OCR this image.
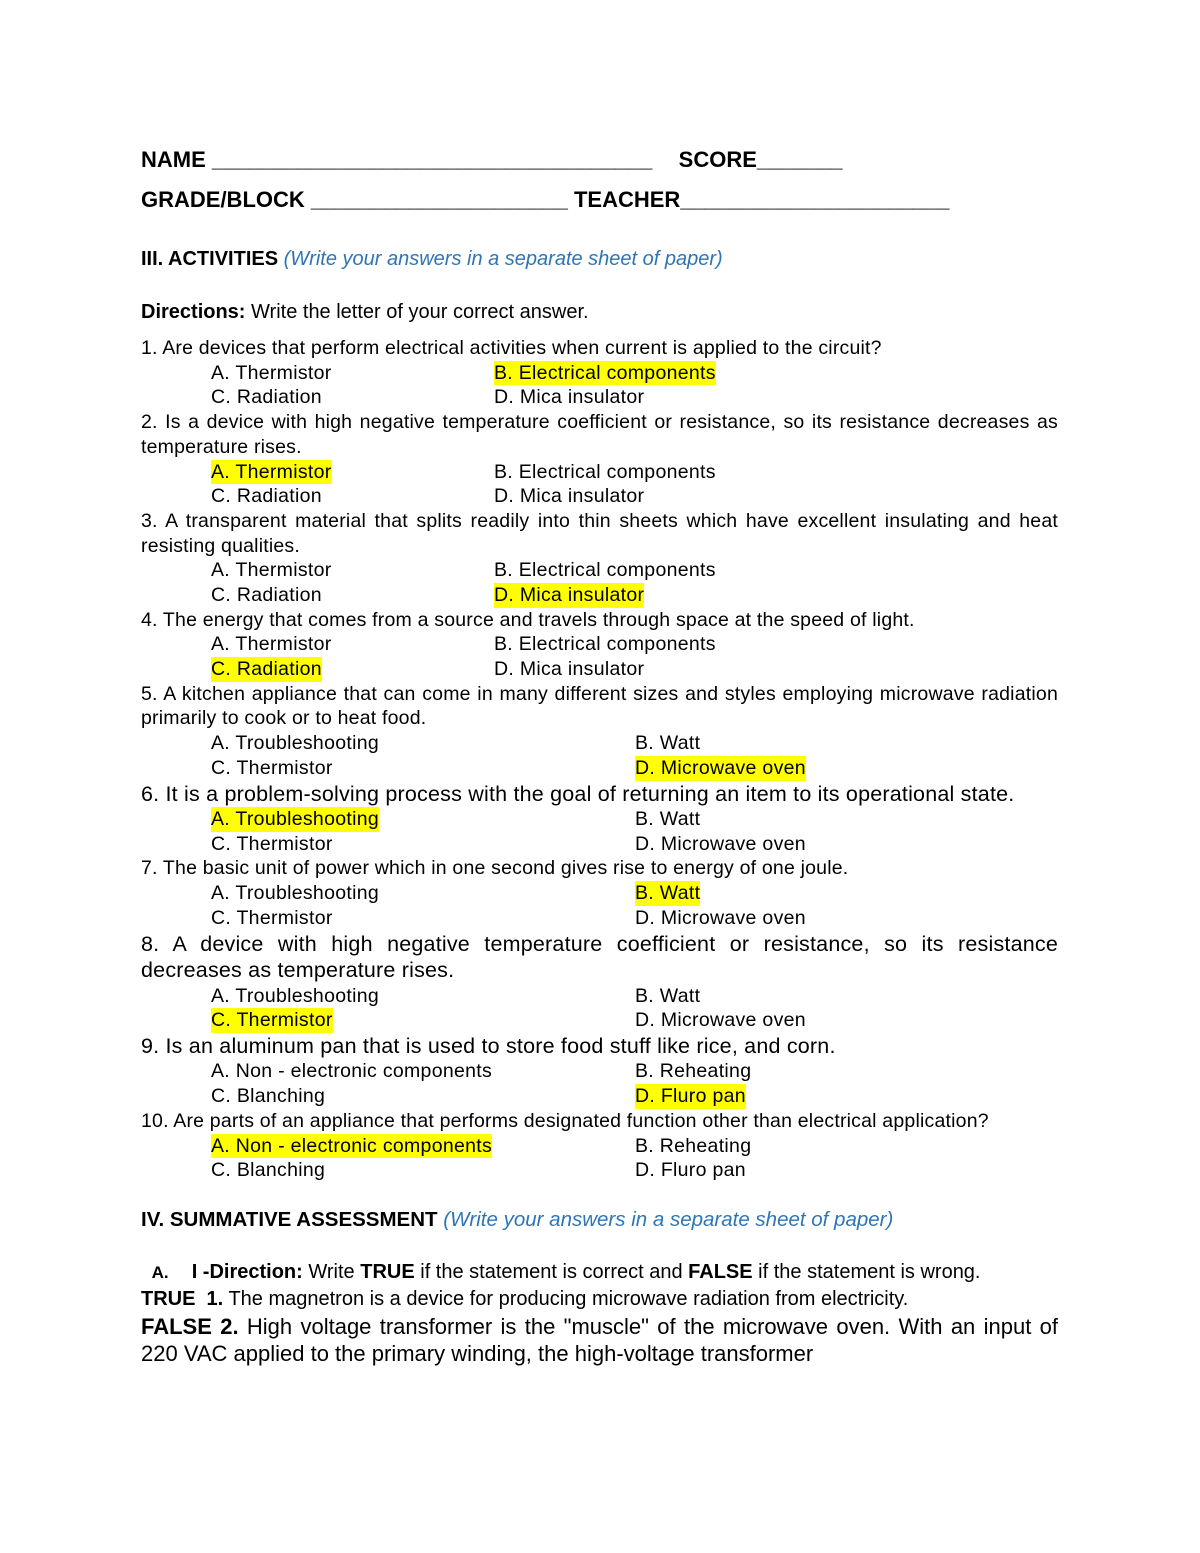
NAME ____________________________________ SCORE_______
GRADE/BLOCK _____________________ TEACHER______________________
III. ACTIVITIES (Write your answers in a separate sheet of paper)
Directions: Write the letter of your correct answer.
1. Are devices that perform electrical activities when current is applied to the circuit?
A. Thermistor	B. Electrical components
C. Radiation	D. Mica insulator
2. Is a device with high negative temperature coefficient or resistance, so its resistance decreases as temperature rises.
A. Thermistor	B. Electrical components
C. Radiation	D. Mica insulator
3. A transparent material that splits readily into thin sheets which have excellent insulating and heat resisting qualities.
A. Thermistor	B. Electrical components
C. Radiation	D. Mica insulator
4. The energy that comes from a source and travels through space at the speed of light.
A. Thermistor	B. Electrical components
C. Radiation	D. Mica insulator
5. A kitchen appliance that can come in many different sizes and styles employing microwave radiation primarily to cook or to heat food.
A. Troubleshooting	B. Watt
C. Thermistor	D. Microwave oven
6. It is a problem-solving process with the goal of returning an item to its operational state.
A. Troubleshooting	B. Watt
C. Thermistor	D. Microwave oven
7. The basic unit of power which in one second gives rise to energy of one joule.
A. Troubleshooting	B. Watt
C. Thermistor	D. Microwave oven
8. A device with high negative temperature coefficient or resistance, so its resistance decreases as temperature rises.
A. Troubleshooting	B. Watt
C. Thermistor	D. Microwave oven
9. Is an aluminum pan that is used to store food stuff like rice, and corn.
A. Non - electronic components	B. Reheating
C. Blanching	D. Fluro pan
10. Are parts of an appliance that performs designated function other than electrical application?
A. Non - electronic components	B. Reheating
C. Blanching	D. Fluro pan
IV. SUMMATIVE ASSESSMENT (Write your answers in a separate sheet of paper)
A. I -Direction: Write TRUE if the statement is correct and FALSE if the statement is wrong.
TRUE  1. The magnetron is a device for producing microwave radiation from electricity.
FALSE 2. High voltage transformer is the "muscle" of the microwave oven. With an input of 220 VAC applied to the primary winding, the high-voltage transformer
